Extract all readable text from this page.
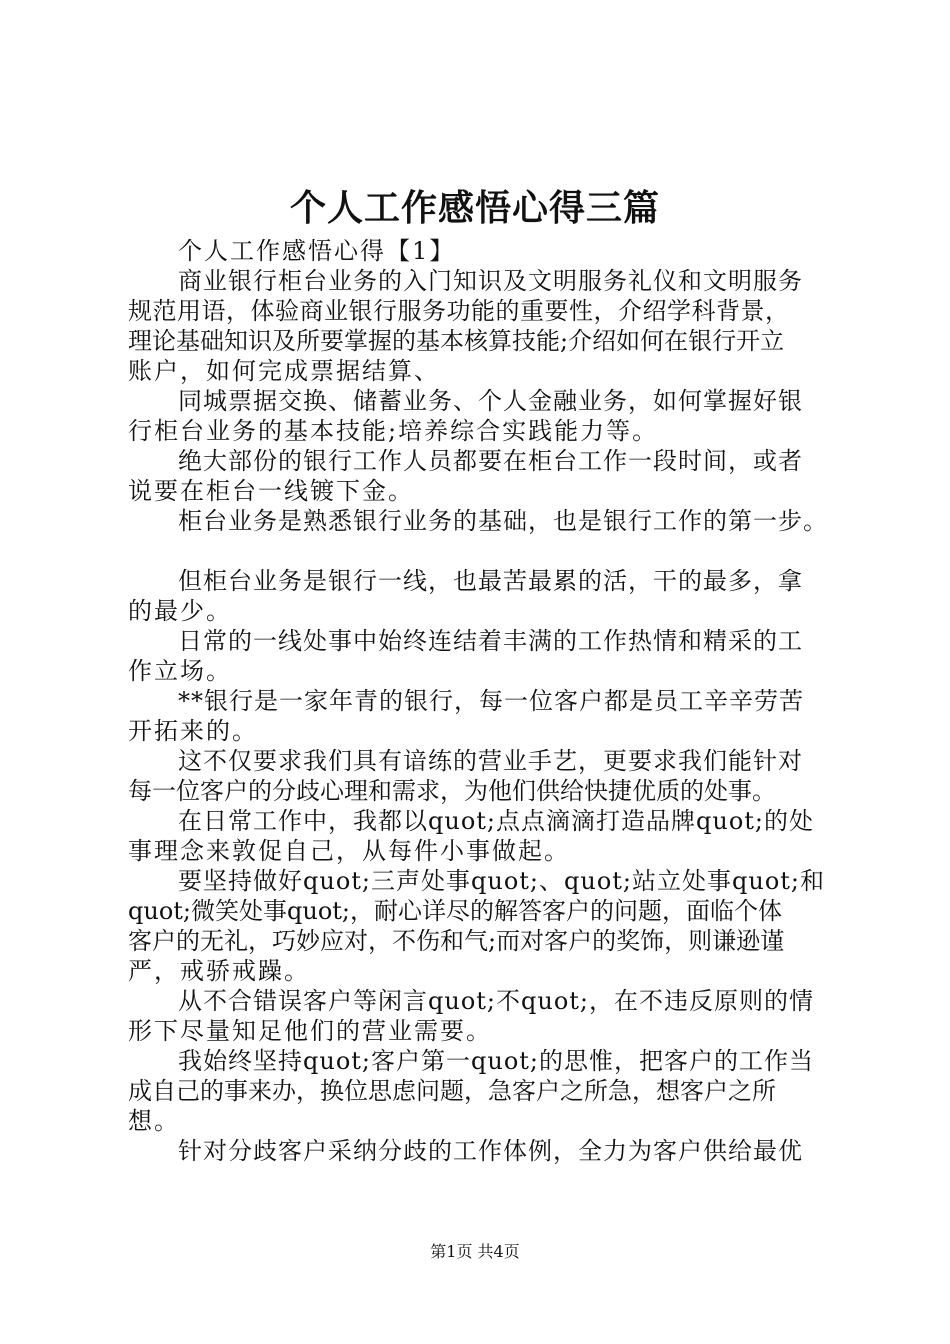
个人工作感悟心得三篇
个人工作感悟心得【1】
商业银行柜台业务的入门知识及文明服务礼仪和文明服务
规范用语，体验商业银行服务功能的重要性，介绍学科背景，
理论基础知识及所要掌握的基本核算技能;介绍如何在银行开立
账户，如何完成票据结算、
同城票据交换、储蓄业务、个人金融业务，如何掌握好银
行柜台业务的基本技能;培养综合实践能力等。
绝大部份的银行工作人员都要在柜台工作一段时间，或者
说要在柜台一线镀下金。
柜台业务是熟悉银行业务的基础，也是银行工作的第一步。
但柜台业务是银行一线，也最苦最累的活，干的最多，拿
的最少。
日常的一线处事中始终连结着丰满的工作热情和精采的工
作立场。
**银行是一家年青的银行，每一位客户都是员工辛辛劳苦
开拓来的。
这不仅要求我们具有谙练的营业手艺，更要求我们能针对
每一位客户的分歧心理和需求，为他们供给快捷优质的处事。
在日常工作中，我都以quot;点点滴滴打造品牌quot;的处
事理念来敦促自己，从每件小事做起。
要坚持做好quot;三声处事quot;、quot;站立处事quot;和
quot;微笑处事quot;，耐心详尽的解答客户的问题，面临个体
客户的无礼，巧妙应对，不伤和气;而对客户的奖饰，则谦逊谨
严，戒骄戒躁。
从不合错误客户等闲言quot;不quot;，在不违反原则的情
形下尽量知足他们的营业需要。
我始终坚持quot;客户第一quot;的思惟，把客户的工作当
成自己的事来办，换位思虑问题，急客户之所急，想客户之所
想。
针对分歧客户采纳分歧的工作体例，全力为客户供给最优
第1页 共4页
